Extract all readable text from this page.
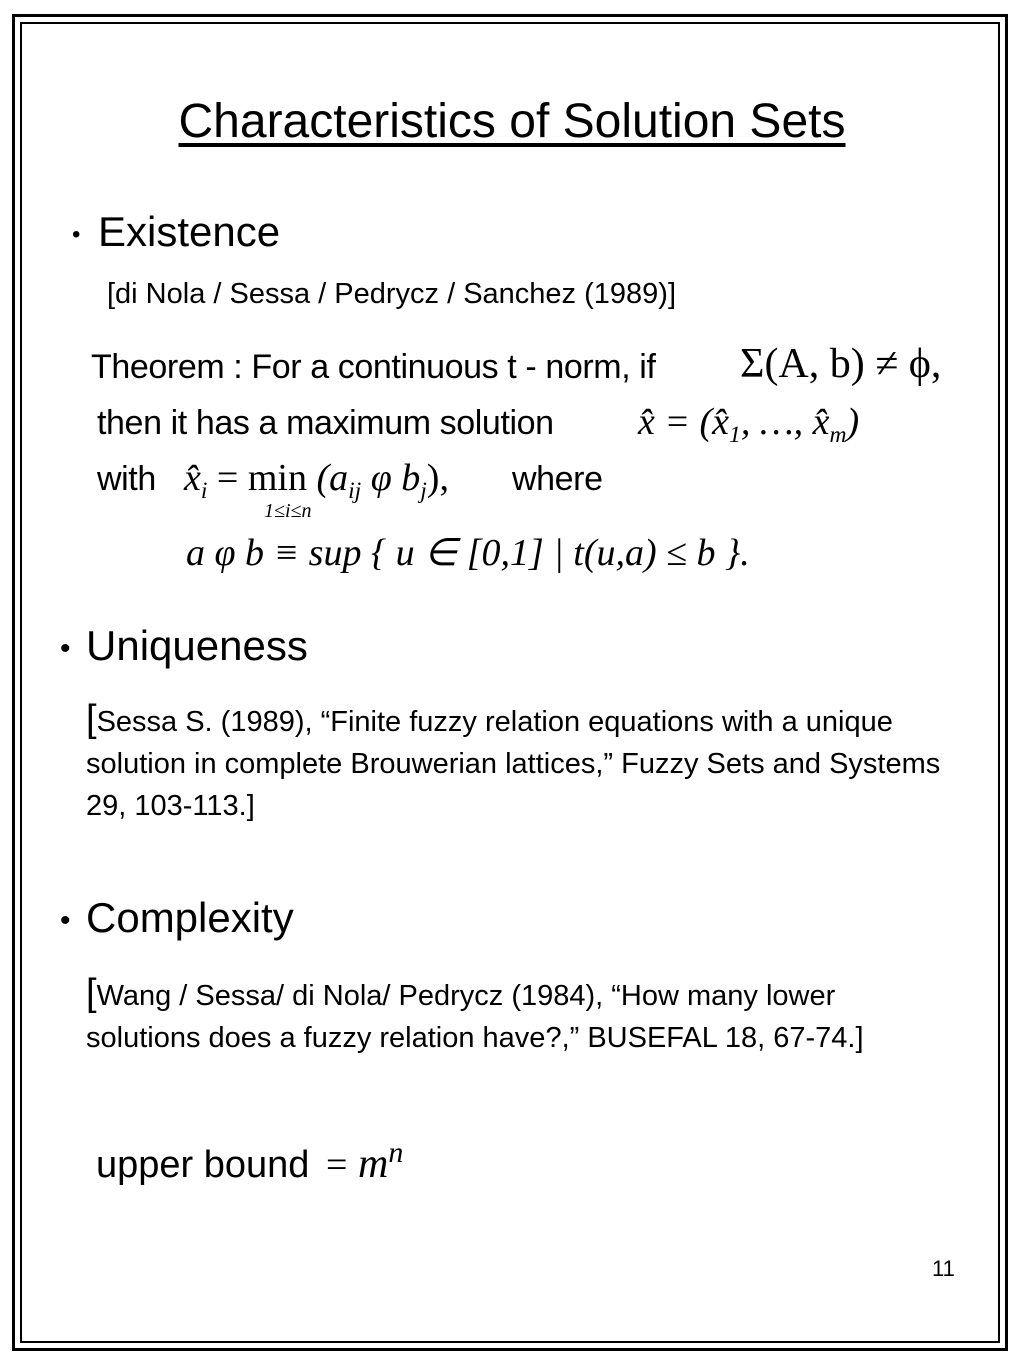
Characteristics of Solution Sets
• Existence
[di Nola / Sessa / Pedrycz / Sanchez (1989)]
Theorem : For a continuous t - norm, if Σ(A, b) ≠ ϕ,
then it has a maximum solution x̂ = ($x̂_1$, …, $x̂_m$)
with $x̂_i = \min (a_{ij}$ φ $b_j$), where
1≤i≤n
a φ b ≡ sup { u ∈ [0,1] | t(u,a) ≤ b }.
• Uniqueness
[Sessa S. (1989), “Finite fuzzy relation equations with a unique solution in complete Brouwerian lattices,” Fuzzy Sets and Systems 29, 103-113.]
• Complexity
[Wang / Sessa/ di Nola/ Pedrycz (1984), “How many lower solutions does a fuzzy relation have?,” BUSEFAL 18, 67-74.]
upper bound = $m^n$
11
